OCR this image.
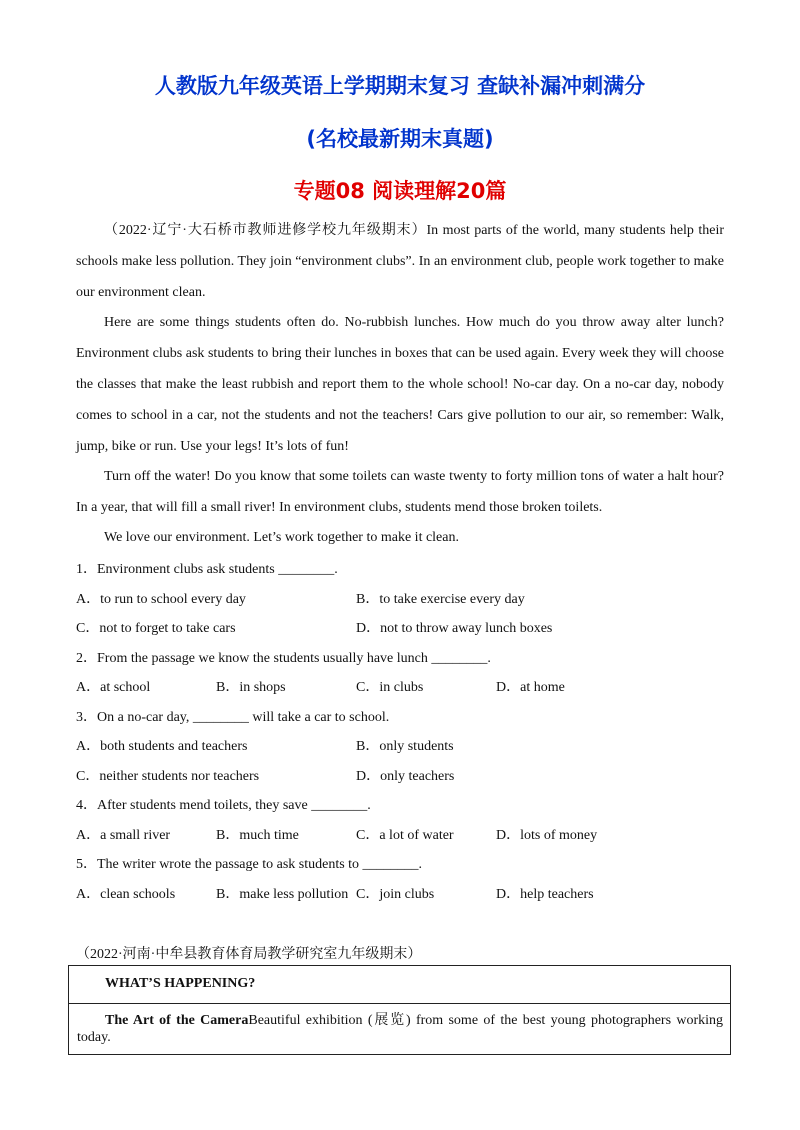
人教版九年级英语上学期期末复习 查缺补漏冲刺满分
(名校最新期末真题)
专题08 阅读理解20篇

（2022·辽宁·大石桥市教师进修学校九年级期末）In most parts of the world, many students help their schools make less pollution. They join “environment clubs”. In an environment club, people work together to make our environment clean.

Here are some things students often do. No-rubbish lunches. How much do you throw away alter lunch? Environment clubs ask students to bring their lunches in boxes that can be used again. Every week they will choose the classes that make the least rubbish and report them to the whole school! No-car day. On a no-car day, nobody comes to school in a car, not the students and not the teachers! Cars give pollution to our air, so remember: Walk, jump, bike or run. Use your legs! It’s lots of fun!

Turn off the water! Do you know that some toilets can waste twenty to forty million tons of water a halt hour? In a year, that will fill a small river! In environment clubs, students mend those broken toilets.

We love our environment. Let’s work together to make it clean.

1．Environment clubs ask students ________.
A．to run to school every day	B．to take exercise every day
C．not to forget to take cars	D．not to throw away lunch boxes
2．From the passage we know the students usually have lunch ________.
A．at school	B．in shops	C．in clubs	D．at home
3．On a no-car day, ________ will take a car to school.
A．both students and teachers	B．only students
C．neither students nor teachers	D．only teachers
4．After students mend toilets, they save ________.
A．a small river	B．much time	C．a lot of water	D．lots of money
5．The writer wrote the passage to ask students to ________.
A．clean schools	B．make less pollution C．join clubs	D．help teachers
（2022·河南·中牟县教育体育局教学研究室九年级期末）
WHAT’S HAPPENING?
The Art of the CameraBeautiful exhibition (展览) from some of the best young photographers working today.
